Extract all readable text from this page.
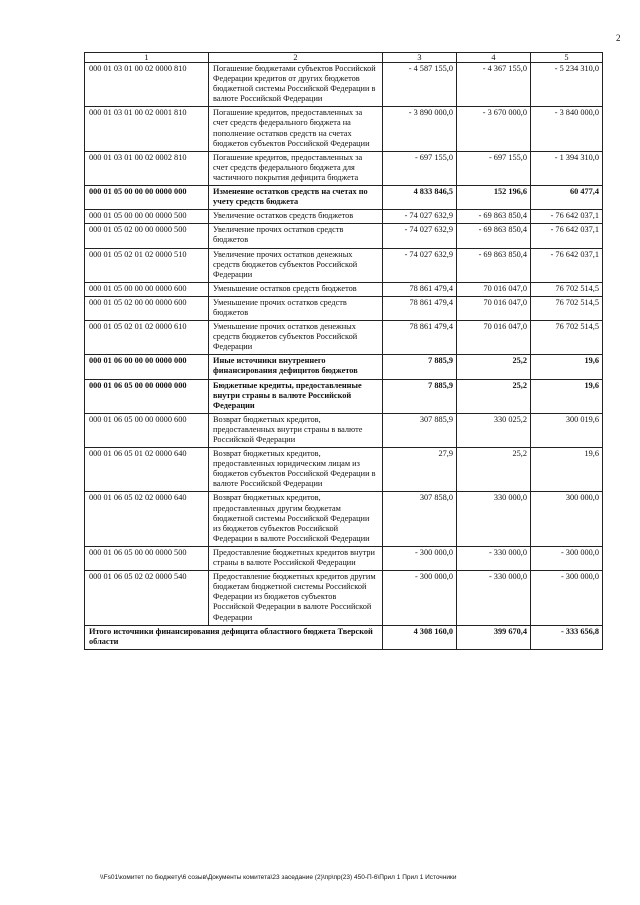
2
1	2	3	4	5
000 01 03 01 00 02 0000 810	Погашение бюджетами субъектов Российской Федерации кредитов от других бюджетов бюджетной системы Российской Федерации в валюте Российской Федерации	- 4 587 155,0	- 4 367 155,0	- 5 234 310,0
000 01 03 01 00 02 0001 810	Погашение кредитов, предоставленных за счет средств федерального бюджета на пополнение остатков средств на счетах бюджетов субъектов Российской Федерации	- 3 890 000,0	- 3 670 000,0	- 3 840 000,0
000 01 03 01 00 02 0002 810	Погашение кредитов, предоставленных за счет средств федерального бюджета для частичного покрытия дефицита бюджета	- 697 155,0	- 697 155,0	- 1 394 310,0
000 01 05 00 00 00 0000 000	Изменение остатков средств на счетах по учету средств бюджета	4 833 846,5	152 196,6	60 477,4
000 01 05 00 00 00 0000 500	Увеличение остатков средств бюджетов	- 74 027 632,9	- 69 863 850,4	- 76 642 037,1
000 01 05 02 00 00 0000 500	Увеличение прочих остатков средств бюджетов	- 74 027 632,9	- 69 863 850,4	- 76 642 037,1
000 01 05 02 01 02 0000 510	Увеличение прочих остатков денежных средств бюджетов субъектов Российской Федерации	- 74 027 632,9	- 69 863 850,4	- 76 642 037,1
000 01 05 00 00 00 0000 600	Уменьшение остатков средств бюджетов	78 861 479,4	70 016 047,0	76 702 514,5
000 01 05 02 00 00 0000 600	Уменьшение прочих остатков средств бюджетов	78 861 479,4	70 016 047,0	76 702 514,5
000 01 05 02 01 02 0000 610	Уменьшение прочих остатков денежных средств бюджетов субъектов Российской Федерации	78 861 479,4	70 016 047,0	76 702 514,5
000 01 06 00 00 00 0000 000	Иные источники внутреннего финансирования дефицитов бюджетов	7 885,9	25,2	19,6
000 01 06 05 00 00 0000 000	Бюджетные кредиты, предоставленные внутри страны в валюте Российской Федерации	7 885,9	25,2	19,6
000 01 06 05 00 00 0000 600	Возврат бюджетных кредитов, предоставленных внутри страны в валюте Российской Федерации	307 885,9	330 025,2	300 019,6
000 01 06 05 01 02 0000 640	Возврат бюджетных кредитов, предоставленных юридическим лицам из бюджетов субъектов Российской Федерации в валюте Российской Федерации	27,9	25,2	19,6
000 01 06 05 02 02 0000 640	Возврат бюджетных кредитов, предоставленных другим бюджетам бюджетной системы Российской Федерации из бюджетов субъектов Российской Федерации в валюте Российской Федерации	307 858,0	330 000,0	300 000,0
000 01 06 05 00 00 0000 500	Предоставление бюджетных кредитов внутри страны в валюте Российской Федерации	- 300 000,0	- 330 000,0	- 300 000,0
000 01 06 05 02 02 0000 540	Предоставление бюджетных кредитов другим бюджетам бюджетной системы Российской Федерации из бюджетов субъектов Российской Федерации в валюте Российской Федерации	- 300 000,0	- 330 000,0	- 300 000,0
Итого источники финансирования дефицита областного бюджета Тверской области		4 308 160,0	399 670,4	- 333 656,8
\\Fs01\комитет по бюджету\6 созыв\Документы комитета\23 заседание (2)\пр\пр(23) 450-П-6\Прил 1 Прил 1 Источники
